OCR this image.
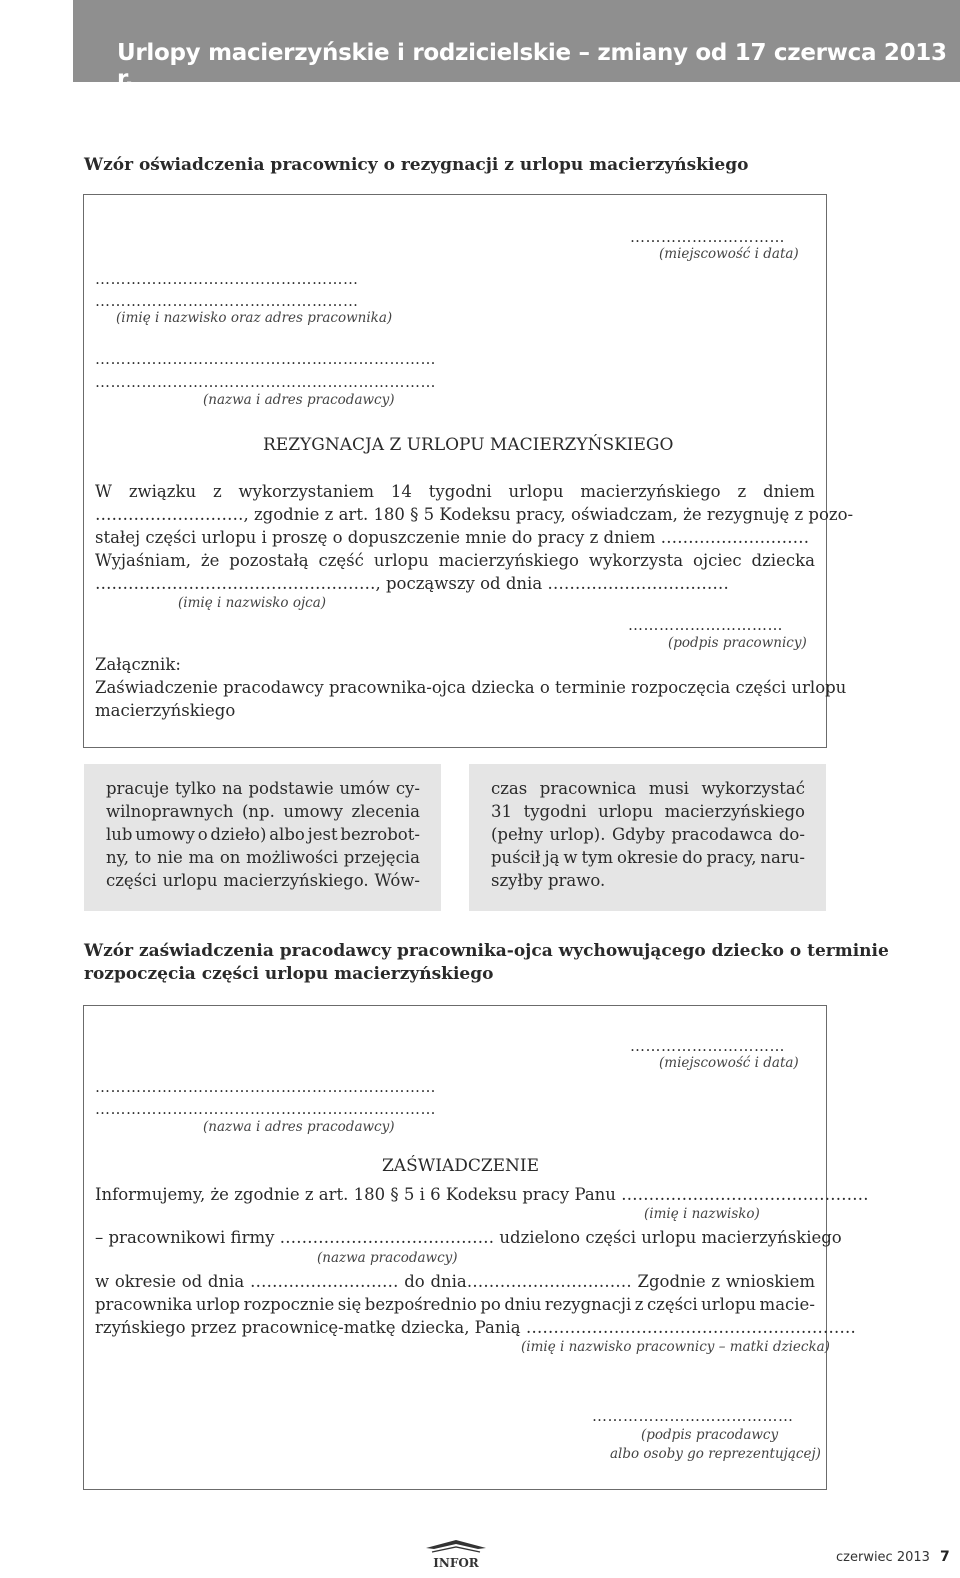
Urlopy macierzyńskie i rodzicielskie – zmiany od 17 czerwca 2013 r.
Wzór oświadczenia pracownicy o rezygnacji z urlopu macierzyńskiego
…………………………
(miejscowość i data)
……………………………………………
……………………………………………
(imię i nazwisko oraz adres pracownika)
…………………………………………………………
…………………………………………………………
(nazwa i adres pracodawcy)
REZYGNACJA Z URLOPU MACIERZYŃSKIEGO
W związku z wykorzystaniem 14 tygodni urlopu macierzyńskiego z dniem
………………………, zgodnie z art. 180 § 5 Kodeksu pracy, oświadczam, że rezygnuję z pozo-
stałej części urlopu i proszę o dopuszczenie mnie do pracy z dniem ………………………
Wyjaśniam, że pozostałą część urlopu macierzyńskiego wykorzysta ojciec dziecka
……………………………………………, począwszy od dnia ……………………………
(imię i nazwisko ojca)
…………………………
(podpis pracownicy)
Załącznik:
Zaświadczenie pracodawcy pracownika-ojca dziecka o terminie rozpoczęcia części urlopu
macierzyńskiego
pracuje tylko na podstawie umów cy-
wilnoprawnych (np. umowy zlecenia
lub umowy o dzieło) albo jest bezrobot-
ny, to nie ma on możliwości przejęcia
części urlopu macierzyńskiego. Wów-
czas pracownica musi wykorzystać
31 tygodni urlopu macierzyńskiego
(pełny urlop). Gdyby pracodawca do-
puścił ją w tym okresie do pracy, naru-
szyłby prawo.
Wzór zaświadczenia pracodawcy pracownika-ojca wychowującego dziecko o terminie
rozpoczęcia części urlopu macierzyńskiego
…………………………
(miejscowość i data)
…………………………………………………………
…………………………………………………………
(nazwa i adres pracodawcy)
ZAŚWIADCZENIE
Informujemy, że zgodnie z art. 180 § 5 i 6 Kodeksu pracy Panu ………………………………………
(imię i nazwisko)
– pracownikowi firmy ………………………………… udzielono części urlopu macierzyńskiego
(nazwa pracodawcy)
w okresie od dnia ……………………… do dnia………………………… Zgodnie z wnioskiem
pracownika urlop rozpocznie się bezpośrednio po dniu rezygnacji z części urlopu macie-
rzyńskiego przez pracownicę-matkę dziecka, Panią ……………………………………………………
(imię i nazwisko pracownicy – matki dziecka)
…………………………………
(podpis pracodawcy
albo osoby go reprezentującej)
INFOR	czerwiec 2013 7
